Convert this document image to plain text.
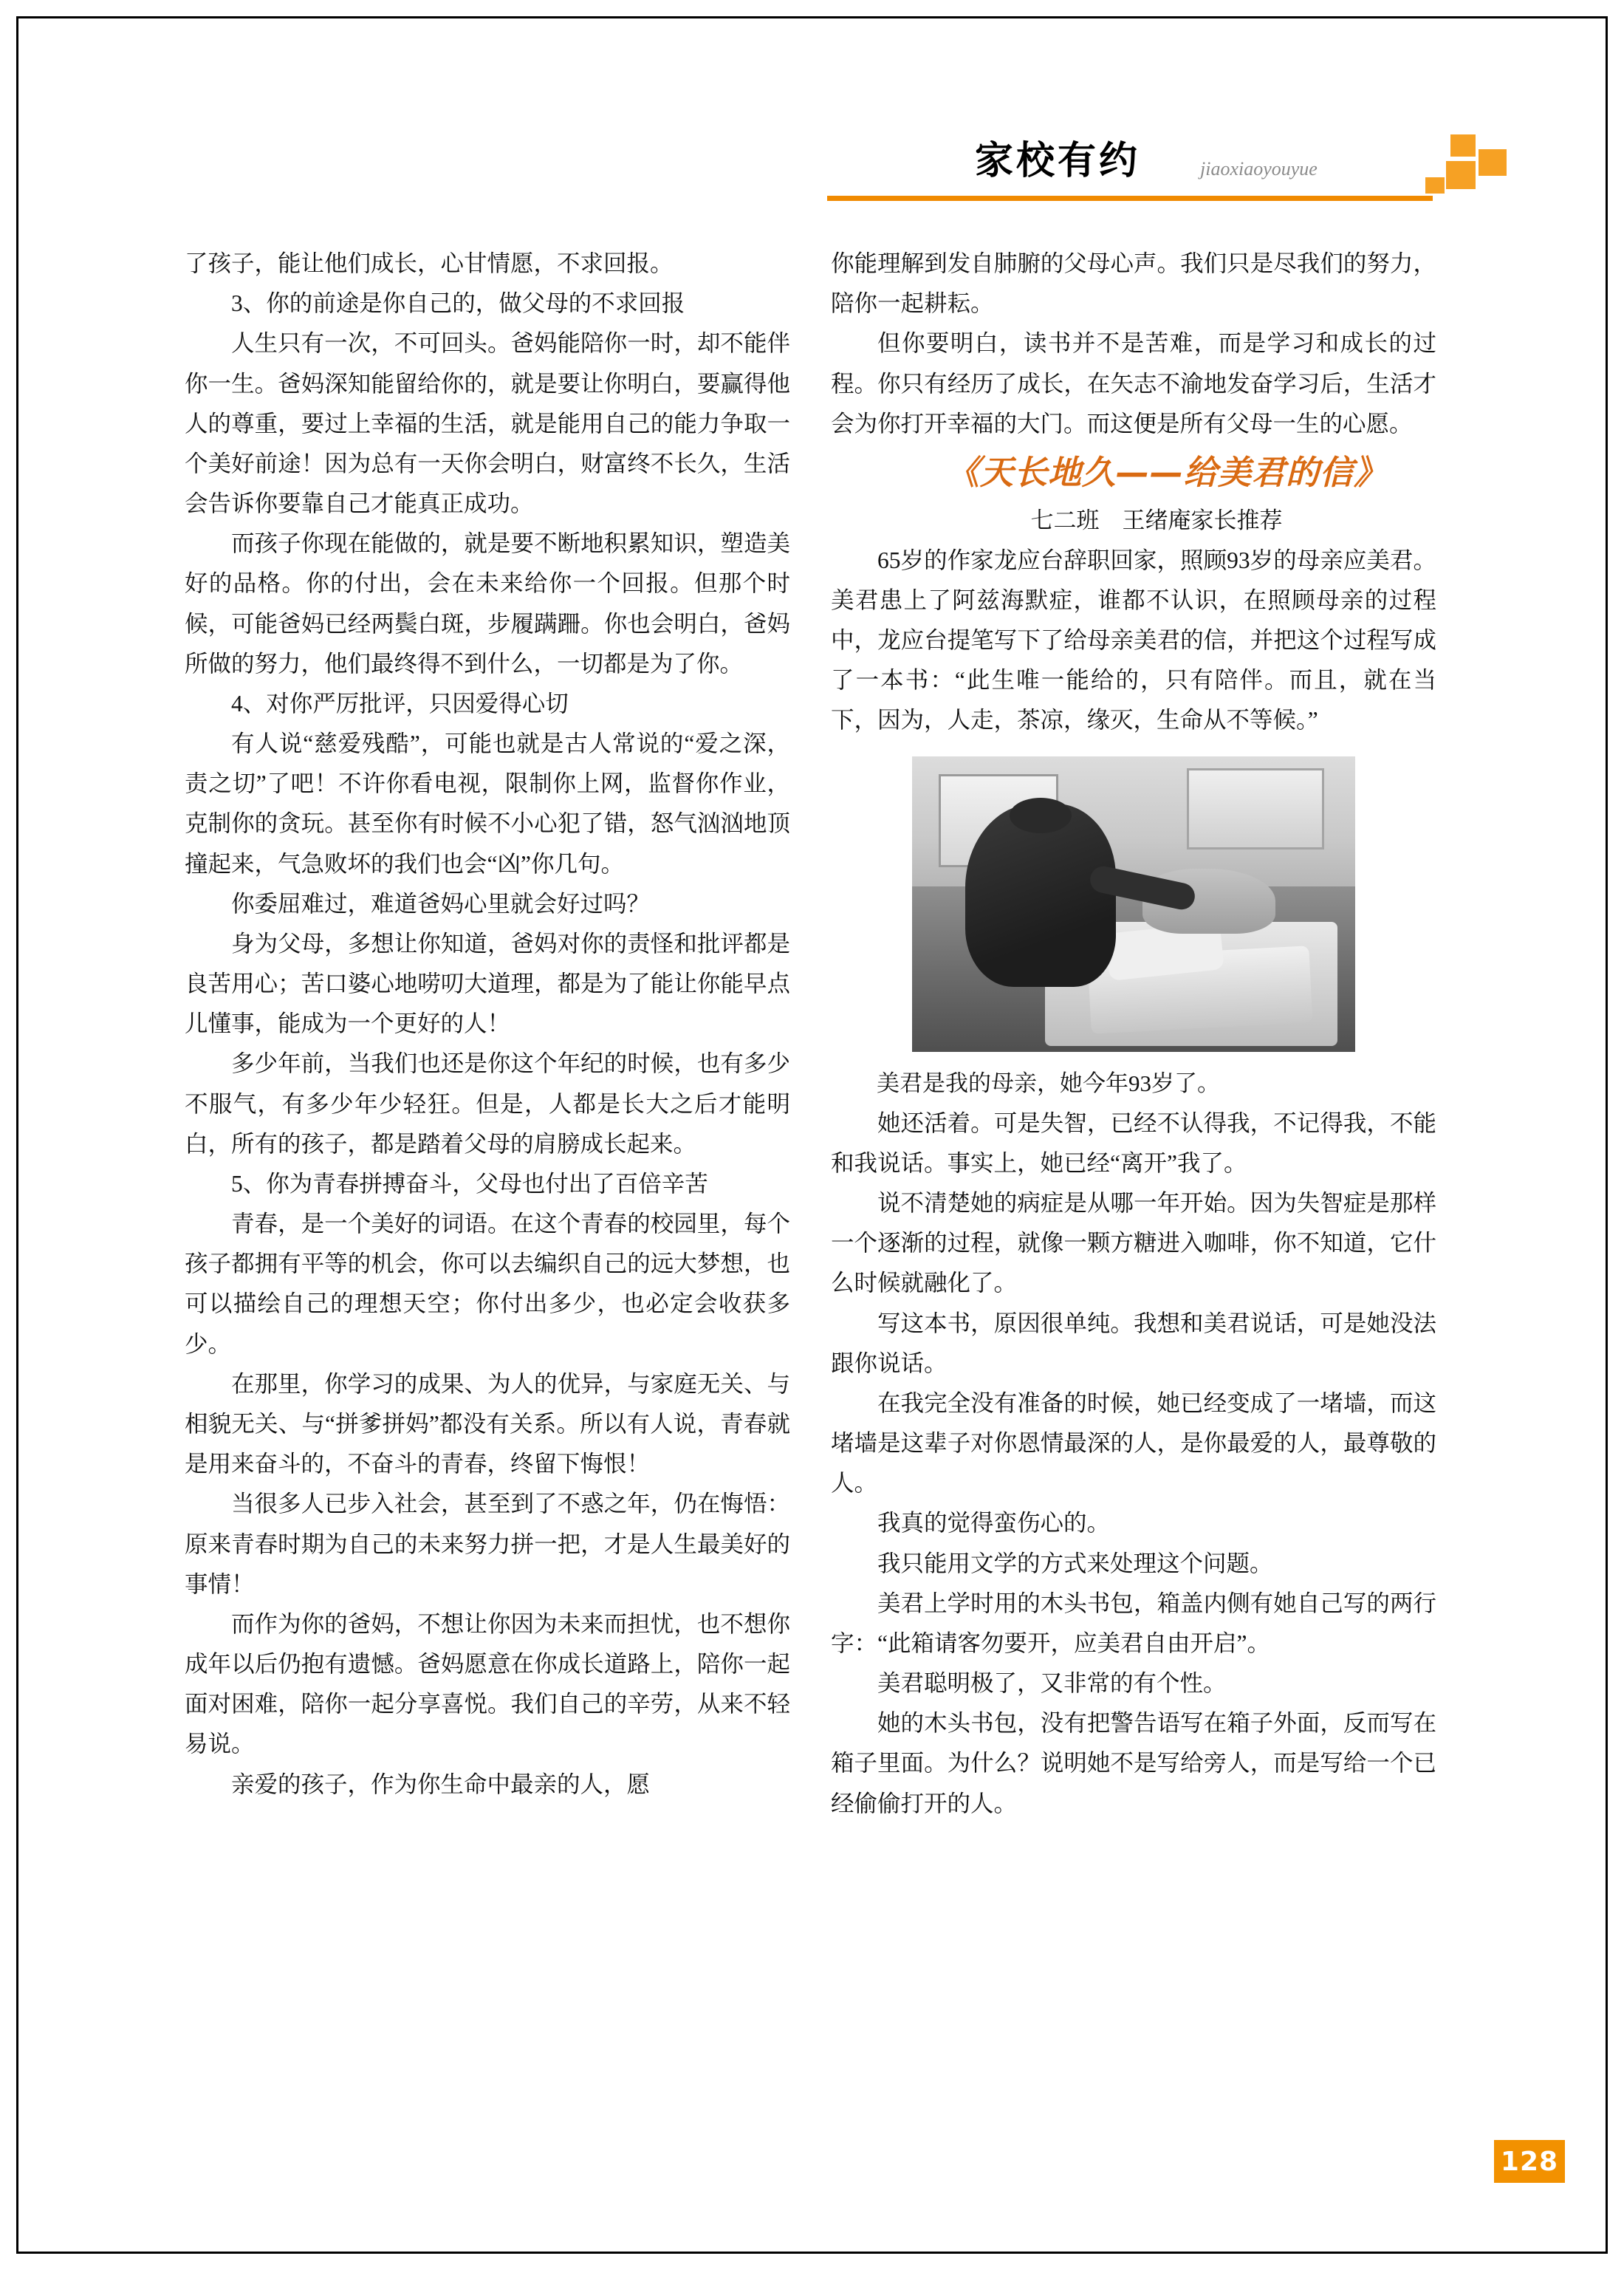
家校有约	jiaoxiaoyouyue

了孩子，能让他们成长，心甘情愿，不求回报。

3、你的前途是你自己的，做父母的不求回报

人生只有一次，不可回头。爸妈能陪你一时，却不能伴你一生。爸妈深知能留给你的，就是要让你明白，要赢得他人的尊重，要过上幸福的生活，就是能用自己的能力争取一个美好前途！因为总有一天你会明白，财富终不长久，生活会告诉你要靠自己才能真正成功。

而孩子你现在能做的，就是要不断地积累知识，塑造美好的品格。你的付出，会在未来给你一个回报。但那个时候，可能爸妈已经两鬓白斑，步履蹒跚。你也会明白，爸妈所做的努力，他们最终得不到什么，一切都是为了你。

4、对你严厉批评，只因爱得心切

有人说“慈爱残酷”，可能也就是古人常说的“爱之深，责之切”了吧！不许你看电视，限制你上网，监督你作业，克制你的贪玩。甚至你有时候不小心犯了错，怒气汹汹地顶撞起来，气急败坏的我们也会“凶”你几句。

你委屈难过，难道爸妈心里就会好过吗？

身为父母，多想让你知道，爸妈对你的责怪和批评都是良苦用心；苦口婆心地唠叨大道理，都是为了能让你能早点儿懂事，能成为一个更好的人！

多少年前，当我们也还是你这个年纪的时候，也有多少不服气，有多少年少轻狂。但是，人都是长大之后才能明白，所有的孩子，都是踏着父母的肩膀成长起来。

5、你为青春拼搏奋斗，父母也付出了百倍辛苦

青春，是一个美好的词语。在这个青春的校园里，每个孩子都拥有平等的机会，你可以去编织自己的远大梦想，也可以描绘自己的理想天空；你付出多少，也必定会收获多少。

在那里，你学习的成果、为人的优异，与家庭无关、与相貌无关、与“拼爹拼妈”都没有关系。所以有人说，青春就是用来奋斗的，不奋斗的青春，终留下悔恨！

当很多人已步入社会，甚至到了不惑之年，仍在悔悟：原来青春时期为自己的未来努力拼一把，才是人生最美好的事情！

而作为你的爸妈，不想让你因为未来而担忧，也不想你成年以后仍抱有遗憾。爸妈愿意在你成长道路上，陪你一起面对困难，陪你一起分享喜悦。我们自己的辛劳，从来不轻易说。

亲爱的孩子，作为你生命中最亲的人，愿

你能理解到发自肺腑的父母心声。我们只是尽我们的努力，陪你一起耕耘。

但你要明白，读书并不是苦难，而是学习和成长的过程。你只有经历了成长，在矢志不渝地发奋学习后，生活才会为你打开幸福的大门。而这便是所有父母一生的心愿。

《天长地久——给美君的信》

七二班　王绪庵家长推荐

65岁的作家龙应台辞职回家，照顾93岁的母亲应美君。美君患上了阿兹海默症，谁都不认识，在照顾母亲的过程中，龙应台提笔写下了给母亲美君的信，并把这个过程写成了一本书：“此生唯一能给的，只有陪伴。而且，就在当下，因为，人走，茶凉，缘灭，生命从不等候。”

美君是我的母亲，她今年93岁了。

她还活着。可是失智，已经不认得我，不记得我，不能和我说话。事实上，她已经“离开”我了。

说不清楚她的病症是从哪一年开始。因为失智症是那样一个逐渐的过程，就像一颗方糖进入咖啡，你不知道，它什么时候就融化了。

写这本书，原因很单纯。我想和美君说话，可是她没法跟你说话。

在我完全没有准备的时候，她已经变成了一堵墙，而这堵墙是这辈子对你恩情最深的人，是你最爱的人，最尊敬的人。

我真的觉得蛮伤心的。

我只能用文学的方式来处理这个问题。

美君上学时用的木头书包，箱盖内侧有她自己写的两行字：“此箱请客勿要开，应美君自由开启”。

美君聪明极了，又非常的有个性。

她的木头书包，没有把警告语写在箱子外面，反而写在箱子里面。为什么？说明她不是写给旁人，而是写给一个已经偷偷打开的人。

128
